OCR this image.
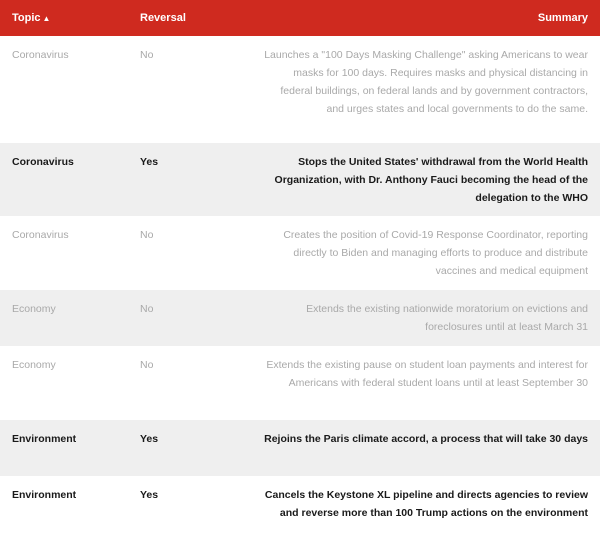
Topic ▲	Reversal	Summary
Coronavirus	No	Launches a "100 Days Masking Challenge" asking Americans to wear masks for 100 days. Requires masks and physical distancing in federal buildings, on federal lands and by government contractors, and urges states and local governments to do the same.
Coronavirus	Yes	Stops the United States' withdrawal from the World Health Organization, with Dr. Anthony Fauci becoming the head of the delegation to the WHO
Coronavirus	No	Creates the position of Covid-19 Response Coordinator, reporting directly to Biden and managing efforts to produce and distribute vaccines and medical equipment
Economy	No	Extends the existing nationwide moratorium on evictions and foreclosures until at least March 31
Economy	No	Extends the existing pause on student loan payments and interest for Americans with federal student loans until at least September 30
Environment	Yes	Rejoins the Paris climate accord, a process that will take 30 days
Environment	Yes	Cancels the Keystone XL pipeline and directs agencies to review and reverse more than 100 Trump actions on the environment
